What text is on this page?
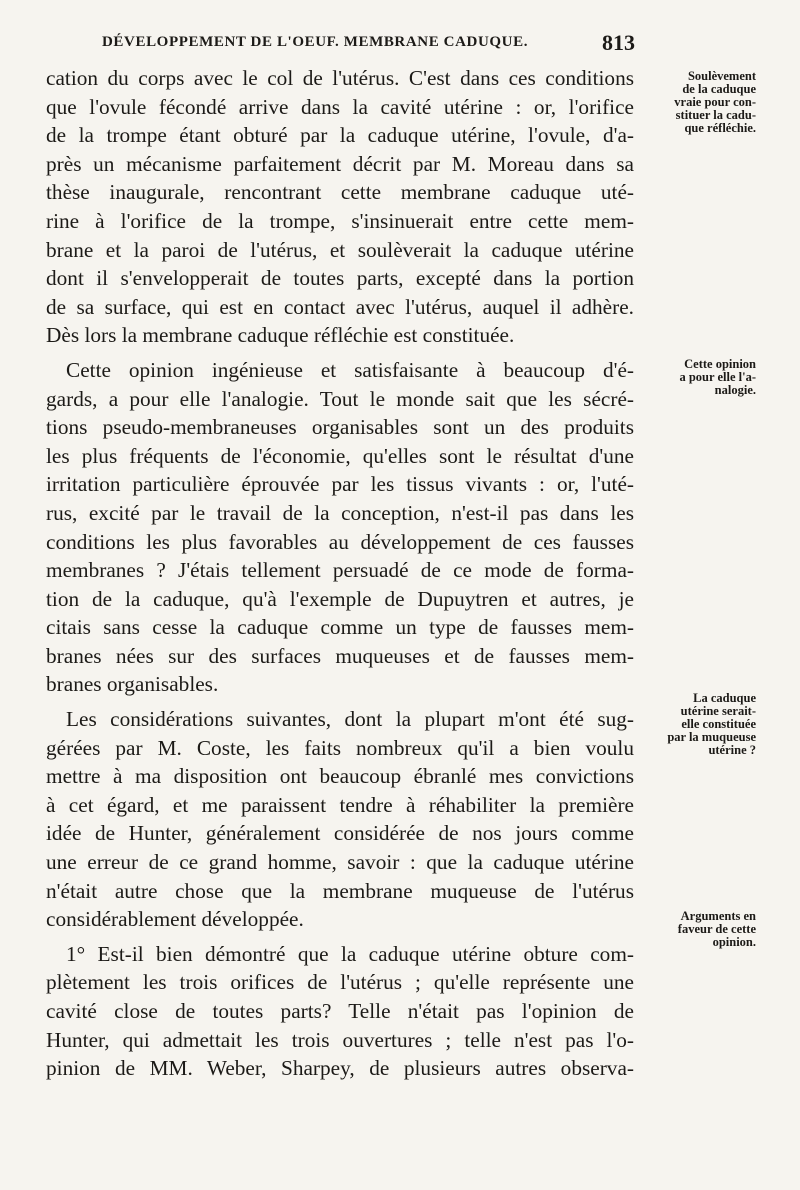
DÉVELOPPEMENT DE L'OEUF. MEMBRANE CADUQUE.	813

cation du corps avec le col de l'utérus. C'est dans ces conditions
que l'ovule fécondé arrive dans la cavité utérine : or, l'orifice
de la trompe étant obturé par la caduque utérine, l'ovule, d'a-
près un mécanisme parfaitement décrit par M. Moreau dans sa
thèse inaugurale, rencontrant cette membrane caduque uté-
rine à l'orifice de la trompe, s'insinuerait entre cette mem-
brane et la paroi de l'utérus, et soulèverait la caduque utérine
dont il s'envelopperait de toutes parts, excepté dans la portion
de sa surface, qui est en contact avec l'utérus, auquel il adhère.
Dès lors la membrane caduque réfléchie est constituée.

Cette opinion ingénieuse et satisfaisante à beaucoup d'é-
gards, a pour elle l'analogie. Tout le monde sait que les sécré-
tions pseudo-membraneuses organisables sont un des produits
les plus fréquents de l'économie, qu'elles sont le résultat d'une
irritation particulière éprouvée par les tissus vivants : or, l'uté-
rus, excité par le travail de la conception, n'est-il pas dans les
conditions les plus favorables au développement de ces fausses
membranes ? J'étais tellement persuadé de ce mode de forma-
tion de la caduque, qu'à l'exemple de Dupuytren et autres, je
citais sans cesse la caduque comme un type de fausses mem-
branes nées sur des surfaces muqueuses et de fausses mem-
branes organisables.

Les considérations suivantes, dont la plupart m'ont été sug-
gérées par M. Coste, les faits nombreux qu'il a bien voulu
mettre à ma disposition ont beaucoup ébranlé mes convictions
à cet égard, et me paraissent tendre à réhabiliter la première
idée de Hunter, généralement considérée de nos jours comme
une erreur de ce grand homme, savoir : que la caduque utérine
n'était autre chose que la membrane muqueuse de l'utérus
considérablement développée.

1° Est-il bien démontré que la caduque utérine obture com-
plètement les trois orifices de l'utérus ; qu'elle représente une
cavité close de toutes parts? Telle n'était pas l'opinion de
Hunter, qui admettait les trois ouvertures ; telle n'est pas l'o-
pinion de MM. Weber, Sharpey, de plusieurs autres observa-

Soulèvement
de la caduque
vraie pour con-
stituer la cadu-
que réfléchie.
Cette opinion
a pour elle l'a-
nalogie.
La caduque
utérine serait-
elle constituée
par la muqueuse
utérine ?
Arguments en
faveur de cette
opinion.
